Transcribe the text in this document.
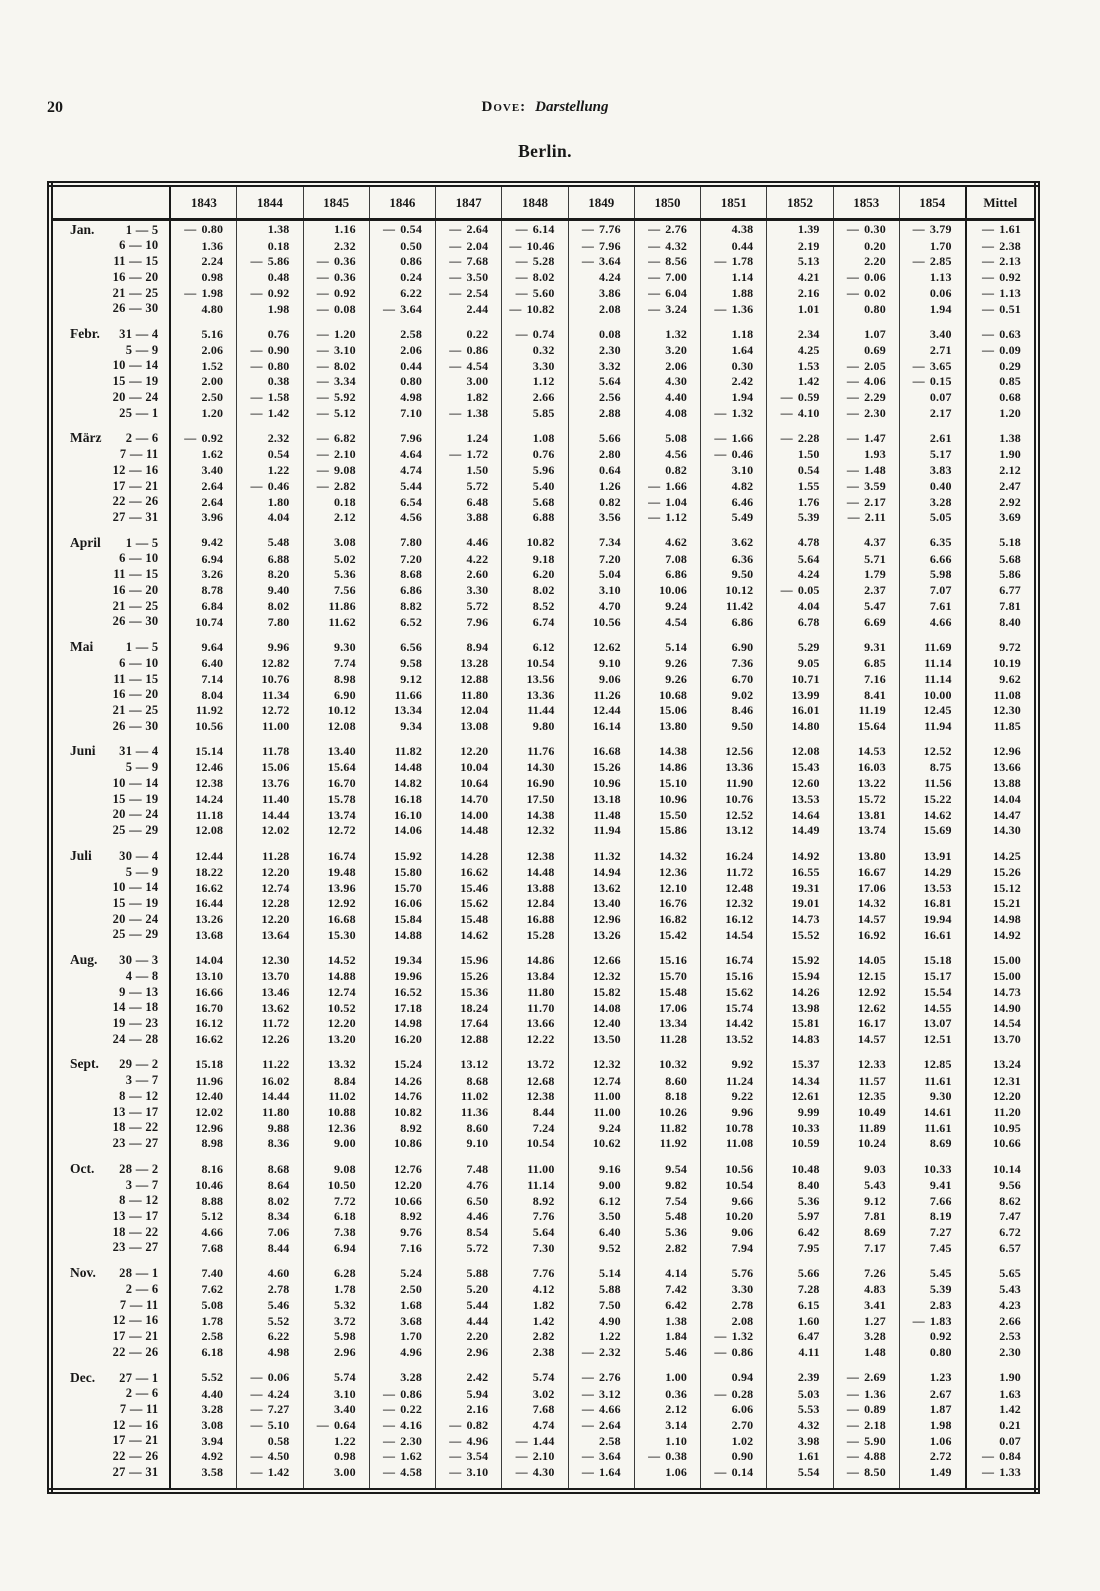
20	Dove: Darstellung
Berlin.
	1843	1844	1845	1846	1847	1848	1849	1850	1851	1852	1853	1854	Mittel

Jan. 1 — 5	— 0.80	1.38	1.16	— 0.54	— 2.64	— 6.14	— 7.76	— 2.76	4.38	1.39	— 0.30	— 3.79	— 1.61

6 — 10	1.36	0.18	2.32	0.50	— 2.04	— 10.46	— 7.96	— 4.32	0.44	2.19	0.20	1.70	— 2.38

11 — 15	2.24	— 5.86	— 0.36	0.86	— 7.68	— 5.28	— 3.64	— 8.56	— 1.78	5.13	2.20	— 2.85	— 2.13

16 — 20	0.98	0.48	— 0.36	0.24	— 3.50	— 8.02	4.24	— 7.00	1.14	4.21	— 0.06	1.13	— 0.92

21 — 25	— 1.98	— 0.92	— 0.92	6.22	— 2.54	— 5.60	3.86	— 6.04	1.88	2.16	— 0.02	0.06	— 1.13

26 — 30	4.80	1.98	— 0.08	— 3.64	2.44	— 10.82	2.08	— 3.24	— 1.36	1.01	0.80	1.94	— 0.51

Febr. 31 — 4	5.16	0.76	— 1.20	2.58	0.22	— 0.74	0.08	1.32	1.18	2.34	1.07	3.40	— 0.63

5 — 9	2.06	— 0.90	— 3.10	2.06	— 0.86	0.32	2.30	3.20	1.64	4.25	0.69	2.71	— 0.09

10 — 14	1.52	— 0.80	— 8.02	0.44	— 4.54	3.30	3.32	2.06	0.30	1.53	— 2.05	— 3.65	0.29

15 — 19	2.00	0.38	— 3.34	0.80	3.00	1.12	5.64	4.30	2.42	1.42	— 4.06	— 0.15	0.85

20 — 24	2.50	— 1.58	— 5.92	4.98	1.82	2.66	2.56	4.40	1.94	— 0.59	— 2.29	0.07	0.68

25 — 1	1.20	— 1.42	— 5.12	7.10	— 1.38	5.85	2.88	4.08	— 1.32	— 4.10	— 2.30	2.17	1.20

März 2 — 6	— 0.92	2.32	— 6.82	7.96	1.24	1.08	5.66	5.08	— 1.66	— 2.28	— 1.47	2.61	1.38

7 — 11	1.62	0.54	— 2.10	4.64	— 1.72	0.76	2.80	4.56	— 0.46	1.50	1.93	5.17	1.90

12 — 16	3.40	1.22	— 9.08	4.74	1.50	5.96	0.64	0.82	3.10	0.54	— 1.48	3.83	2.12

17 — 21	2.64	— 0.46	— 2.82	5.44	5.72	5.40	1.26	— 1.66	4.82	1.55	— 3.59	0.40	2.47

22 — 26	2.64	1.80	0.18	6.54	6.48	5.68	0.82	— 1.04	6.46	1.76	— 2.17	3.28	2.92

27 — 31	3.96	4.04	2.12	4.56	3.88	6.88	3.56	— 1.12	5.49	5.39	— 2.11	5.05	3.69

April 1 — 5	9.42	5.48	3.08	7.80	4.46	10.82	7.34	4.62	3.62	4.78	4.37	6.35	5.18

6 — 10	6.94	6.88	5.02	7.20	4.22	9.18	7.20	7.08	6.36	5.64	5.71	6.66	5.68

11 — 15	3.26	8.20	5.36	8.68	2.60	6.20	5.04	6.86	9.50	4.24	1.79	5.98	5.86

16 — 20	8.78	9.40	7.56	6.86	3.30	8.02	3.10	10.06	10.12	— 0.05	2.37	7.07	6.77

21 — 25	6.84	8.02	11.86	8.82	5.72	8.52	4.70	9.24	11.42	4.04	5.47	7.61	7.81

26 — 30	10.74	7.80	11.62	6.52	7.96	6.74	10.56	4.54	6.86	6.78	6.69	4.66	8.40

Mai 1 — 5	9.64	9.96	9.30	6.56	8.94	6.12	12.62	5.14	6.90	5.29	9.31	11.69	9.72

6 — 10	6.40	12.82	7.74	9.58	13.28	10.54	9.10	9.26	7.36	9.05	6.85	11.14	10.19

11 — 15	7.14	10.76	8.98	9.12	12.88	13.56	9.06	9.26	6.70	10.71	7.16	11.14	9.62

16 — 20	8.04	11.34	6.90	11.66	11.80	13.36	11.26	10.68	9.02	13.99	8.41	10.00	11.08

21 — 25	11.92	12.72	10.12	13.34	12.04	11.44	12.44	15.06	8.46	16.01	11.19	12.45	12.30

26 — 30	10.56	11.00	12.08	9.34	13.08	9.80	16.14	13.80	9.50	14.80	15.64	11.94	11.85

Juni 31 — 4	15.14	11.78	13.40	11.82	12.20	11.76	16.68	14.38	12.56	12.08	14.53	12.52	12.96

5 — 9	12.46	15.06	15.64	14.48	10.04	14.30	15.26	14.86	13.36	15.43	16.03	8.75	13.66

10 — 14	12.38	13.76	16.70	14.82	10.64	16.90	10.96	15.10	11.90	12.60	13.22	11.56	13.88

15 — 19	14.24	11.40	15.78	16.18	14.70	17.50	13.18	10.96	10.76	13.53	15.72	15.22	14.04

20 — 24	11.18	14.44	13.74	16.10	14.00	14.38	11.48	15.50	12.52	14.64	13.81	14.62	14.47

25 — 29	12.08	12.02	12.72	14.06	14.48	12.32	11.94	15.86	13.12	14.49	13.74	15.69	14.30

Juli 30 — 4	12.44	11.28	16.74	15.92	14.28	12.38	11.32	14.32	16.24	14.92	13.80	13.91	14.25

5 — 9	18.22	12.20	19.48	15.80	16.62	14.48	14.94	12.36	11.72	16.55	16.67	14.29	15.26

10 — 14	16.62	12.74	13.96	15.70	15.46	13.88	13.62	12.10	12.48	19.31	17.06	13.53	15.12

15 — 19	16.44	12.28	12.92	16.06	15.62	12.84	13.40	16.76	12.32	19.01	14.32	16.81	15.21

20 — 24	13.26	12.20	16.68	15.84	15.48	16.88	12.96	16.82	16.12	14.73	14.57	19.94	14.98

25 — 29	13.68	13.64	15.30	14.88	14.62	15.28	13.26	15.42	14.54	15.52	16.92	16.61	14.92

Aug. 30 — 3	14.04	12.30	14.52	19.34	15.96	14.86	12.66	15.16	16.74	15.92	14.05	15.18	15.00

4 — 8	13.10	13.70	14.88	19.96	15.26	13.84	12.32	15.70	15.16	15.94	12.15	15.17	15.00

9 — 13	16.66	13.46	12.74	16.52	15.36	11.80	15.82	15.48	15.62	14.26	12.92	15.54	14.73

14 — 18	16.70	13.62	10.52	17.18	18.24	11.70	14.08	17.06	15.74	13.98	12.62	14.55	14.90

19 — 23	16.12	11.72	12.20	14.98	17.64	13.66	12.40	13.34	14.42	15.81	16.17	13.07	14.54

24 — 28	16.62	12.26	13.20	16.20	12.88	12.22	13.50	11.28	13.52	14.83	14.57	12.51	13.70

Sept. 29 — 2	15.18	11.22	13.32	15.24	13.12	13.72	12.32	10.32	9.92	15.37	12.33	12.85	13.24

3 — 7	11.96	16.02	8.84	14.26	8.68	12.68	12.74	8.60	11.24	14.34	11.57	11.61	12.31

8 — 12	12.40	14.44	11.02	14.76	11.02	12.38	11.00	8.18	9.22	12.61	12.35	9.30	12.20

13 — 17	12.02	11.80	10.88	10.82	11.36	8.44	11.00	10.26	9.96	9.99	10.49	14.61	11.20

18 — 22	12.96	9.88	12.36	8.92	8.60	7.24	9.24	11.82	10.78	10.33	11.89	11.61	10.95

23 — 27	8.98	8.36	9.00	10.86	9.10	10.54	10.62	11.92	11.08	10.59	10.24	8.69	10.66

Oct. 28 — 2	8.16	8.68	9.08	12.76	7.48	11.00	9.16	9.54	10.56	10.48	9.03	10.33	10.14

3 — 7	10.46	8.64	10.50	12.20	4.76	11.14	9.00	9.82	10.54	8.40	5.43	9.41	9.56

8 — 12	8.88	8.02	7.72	10.66	6.50	8.92	6.12	7.54	9.66	5.36	9.12	7.66	8.62

13 — 17	5.12	8.34	6.18	8.92	4.46	7.76	3.50	5.48	10.20	5.97	7.81	8.19	7.47

18 — 22	4.66	7.06	7.38	9.76	8.54	5.64	6.40	5.36	9.06	6.42	8.69	7.27	6.72

23 — 27	7.68	8.44	6.94	7.16	5.72	7.30	9.52	2.82	7.94	7.95	7.17	7.45	6.57

Nov. 28 — 1	7.40	4.60	6.28	5.24	5.88	7.76	5.14	4.14	5.76	5.66	7.26	5.45	5.65

2 — 6	7.62	2.78	1.78	2.50	5.20	4.12	5.88	7.42	3.30	7.28	4.83	5.39	5.43

7 — 11	5.08	5.46	5.32	1.68	5.44	1.82	7.50	6.42	2.78	6.15	3.41	2.83	4.23

12 — 16	1.78	5.52	3.72	3.68	4.44	1.42	4.90	1.38	2.08	1.60	1.27	— 1.83	2.66

17 — 21	2.58	6.22	5.98	1.70	2.20	2.82	1.22	1.84	— 1.32	6.47	3.28	0.92	2.53

22 — 26	6.18	4.98	2.96	4.96	2.96	2.38	— 2.32	5.46	— 0.86	4.11	1.48	0.80	2.30

Dec. 27 — 1	5.52	— 0.06	5.74	3.28	2.42	5.74	— 2.76	1.00	0.94	2.39	— 2.69	1.23	1.90

2 — 6	4.40	— 4.24	3.10	— 0.86	5.94	3.02	— 3.12	0.36	— 0.28	5.03	— 1.36	2.67	1.63

7 — 11	3.28	— 7.27	3.40	— 0.22	2.16	7.68	— 4.66	2.12	6.06	5.53	— 0.89	1.87	1.42

12 — 16	3.08	— 5.10	— 0.64	— 4.16	— 0.82	4.74	— 2.64	3.14	2.70	4.32	— 2.18	1.98	0.21

17 — 21	3.94	0.58	1.22	— 2.30	— 4.96	— 1.44	2.58	1.10	1.02	3.98	— 5.90	1.06	0.07

22 — 26	4.92	— 4.50	0.98	— 1.62	— 3.54	— 2.10	— 3.64	— 0.38	0.90	1.61	— 4.88	2.72	— 0.84

27 — 31	3.58	— 1.42	3.00	— 4.58	— 3.10	— 4.30	— 1.64	1.06	— 0.14	5.54	— 8.50	1.49	— 1.33
